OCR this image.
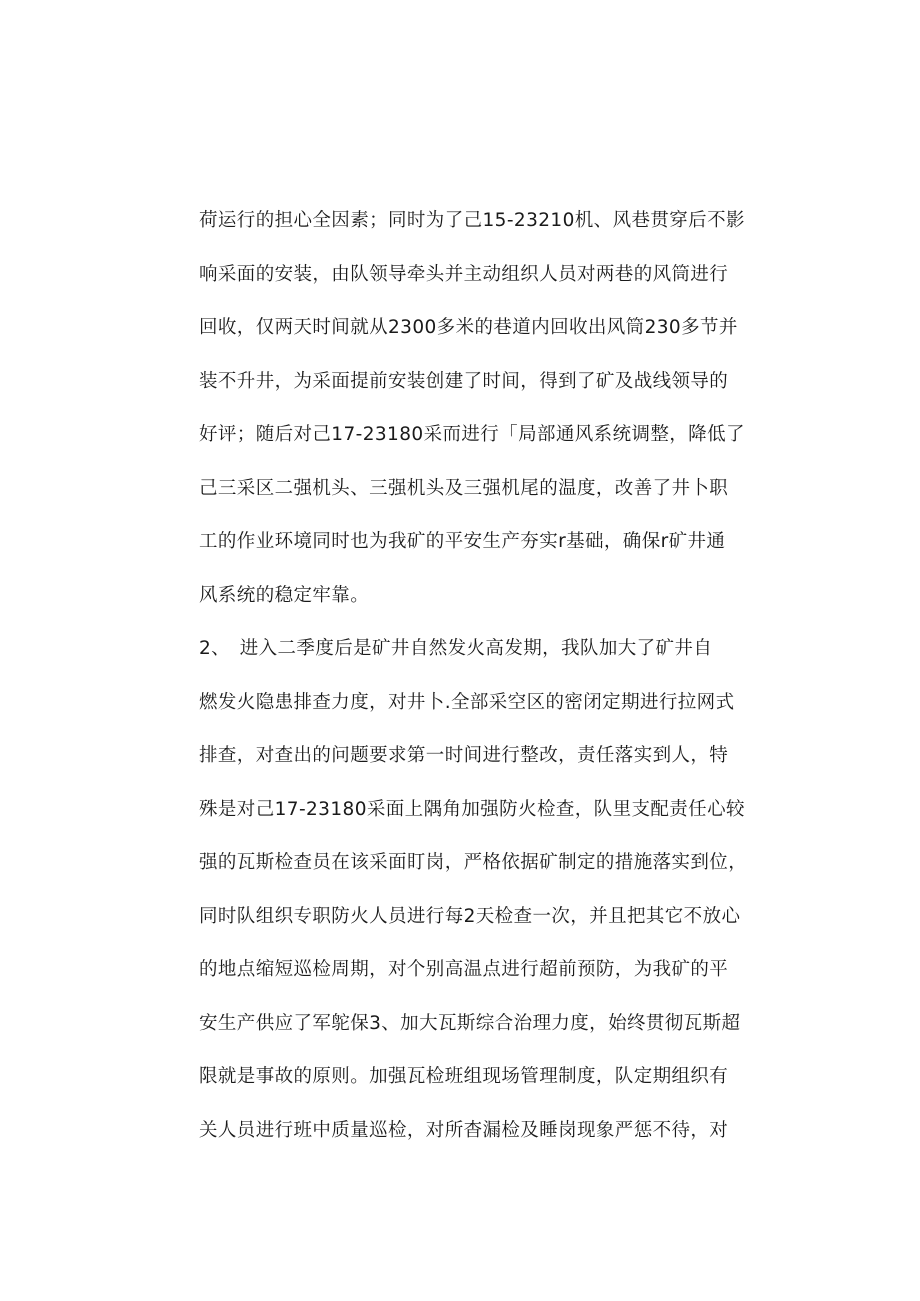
荷运行的担心全因素；同时为了己15-23210机、风巷贯穿后不影
响采面的安装，由队领导牵头并主动组织人员对两巷的风筒进行
回收，仅两天时间就从2300多米的巷道内回收出风筒230多节并
装不升井，为采面提前安装创建了时间，得到了矿及战线领导的
好评；随后对己17-23180采而进行「局部通风系统调整，降低了
己三采区二强机头、三强机头及三强机尾的温度，改善了井卜职
工的作业环境同时也为我矿的平安生产夯实r基础，确保r矿井通
风系统的稳定牢靠。
2、　进入二季度后是矿井自然发火高发期，我队加大了矿井自
燃发火隐患排查力度，对井卜.全部采空区的密闭定期进行拉网式
排查，对查出的问题要求第一时间进行整改，责任落实到人，特
殊是对己17-23180采面上隅角加强防火检查，队里支配责任心较
强的瓦斯检查员在该采面盯岗，严格依据矿制定的措施落实到位，
同时队组织专职防火人员进行每2天检查一次，并且把其它不放心
的地点缩短巡检周期，对个别高温点进行超前预防，为我矿的平
安生产供应了军鸵保3、加大瓦斯综合治理力度，始终贯彻瓦斯超
限就是事故的原则。加强瓦检班组现场管理制度，队定期组织有
关人员进行班中质量巡检，对所杳漏检及睡岗现象严惩不待，对
